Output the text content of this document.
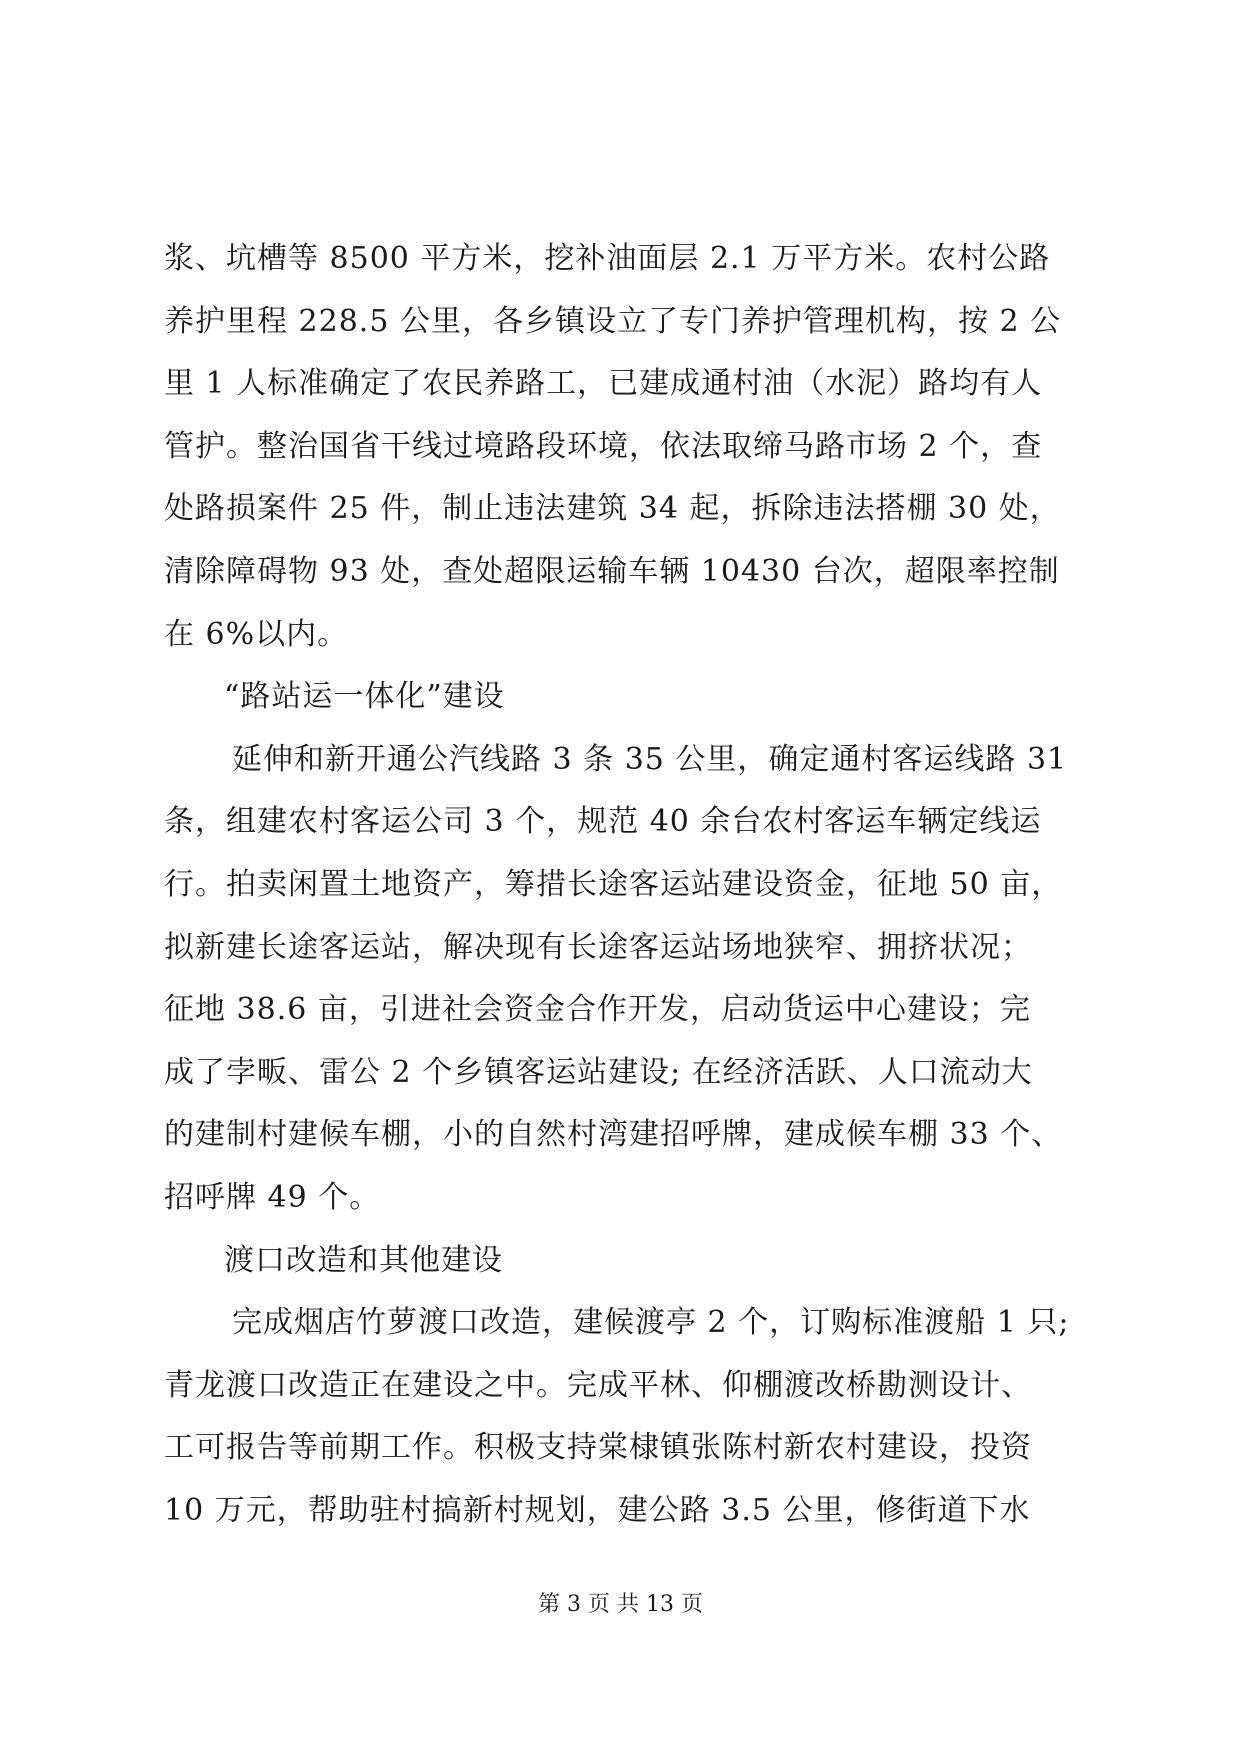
浆、坑槽等 8500 平方米，挖补油面层 2.1 万平方米。农村公路
养护里程 228.5 公里，各乡镇设立了专门养护管理机构，按 2 公
里 1 人标准确定了农民养路工，已建成通村油（水泥）路均有人
管护。整治国省干线过境路段环境，依法取缔马路市场 2 个，查
处路损案件 25 件，制止违法建筑 34 起，拆除违法搭棚 30 处，
清除障碍物 93 处，查处超限运输车辆 10430 台次，超限率控制
在 6%以内。
“路站运一体化”建设
延伸和新开通公汽线路 3 条 35 公里，确定通村客运线路 31
条，组建农村客运公司 3 个，规范 40 余台农村客运车辆定线运
行。拍卖闲置土地资产，筹措长途客运站建设资金，征地 50 亩，
拟新建长途客运站，解决现有长途客运站场地狭窄、拥挤状况；
征地 38.6 亩，引进社会资金合作开发，启动货运中心建设；完
成了孛畈、雷公 2 个乡镇客运站建设; 在经济活跃、人口流动大
的建制村建候车棚，小的自然村湾建招呼牌，建成候车棚 33 个、
招呼牌 49 个。
渡口改造和其他建设
完成烟店竹萝渡口改造，建候渡亭 2 个，订购标准渡船 1 只;
青龙渡口改造正在建设之中。完成平林、仰棚渡改桥勘测设计、
工可报告等前期工作。积极支持棠棣镇张陈村新农村建设，投资
10 万元，帮助驻村搞新村规划，建公路 3.5 公里，修街道下水
第 3 页 共 13 页
